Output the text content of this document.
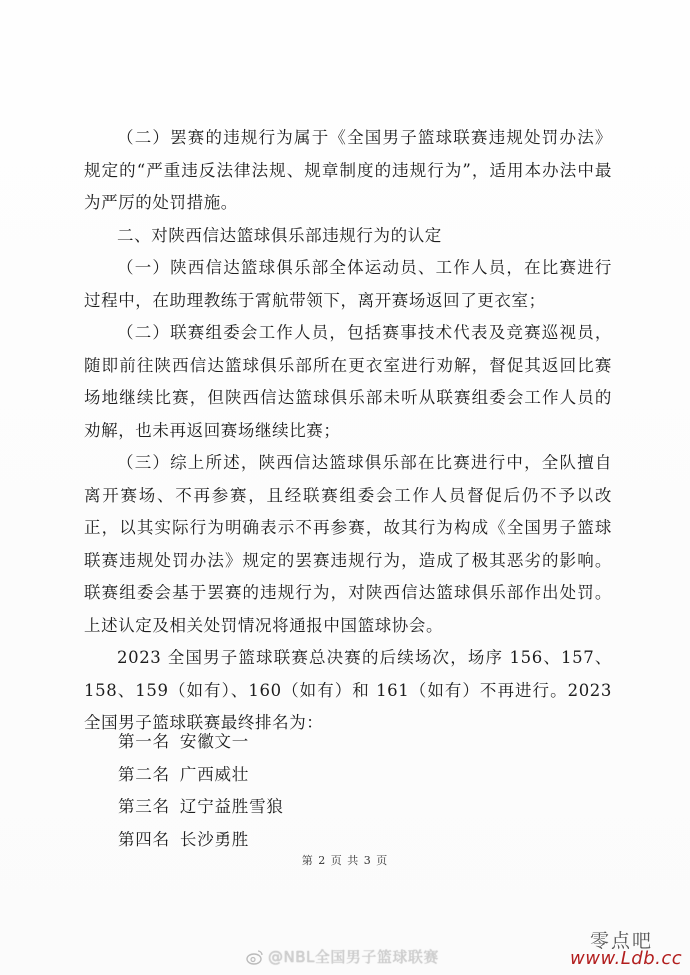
（二）罢赛的违规行为属于《全国男子篮球联赛违规处罚办法》规定的“严重违反法律法规、规章制度的违规行为”，适用本办法中最为严厉的处罚措施。

二、对陕西信达篮球俱乐部违规行为的认定

（一）陕西信达篮球俱乐部全体运动员、工作人员，在比赛进行过程中，在助理教练于霄航带领下，离开赛场返回了更衣室；

（二）联赛组委会工作人员，包括赛事技术代表及竞赛巡视员，随即前往陕西信达篮球俱乐部所在更衣室进行劝解，督促其返回比赛场地继续比赛，但陕西信达篮球俱乐部未听从联赛组委会工作人员的劝解，也未再返回赛场继续比赛；

（三）综上所述，陕西信达篮球俱乐部在比赛进行中，全队擅自离开赛场、不再参赛，且经联赛组委会工作人员督促后仍不予以改正，以其实际行为明确表示不再参赛，故其行为构成《全国男子篮球联赛违规处罚办法》规定的罢赛违规行为，造成了极其恶劣的影响。联赛组委会基于罢赛的违规行为，对陕西信达篮球俱乐部作出处罚。上述认定及相关处罚情况将通报中国篮球协会。

2023 全国男子篮球联赛总决赛的后续场次，场序 156、157、158、159（如有）、160（如有）和 161（如有）不再进行。2023 全国男子篮球联赛最终排名为：

第一名 安徽文一
第二名 广西威壮
第三名 辽宁益胜雪狼
第四名 长沙勇胜
第 2 页 共 3 页
@NBL全国男子篮球联赛
零点吧
www.Ldb.cc
